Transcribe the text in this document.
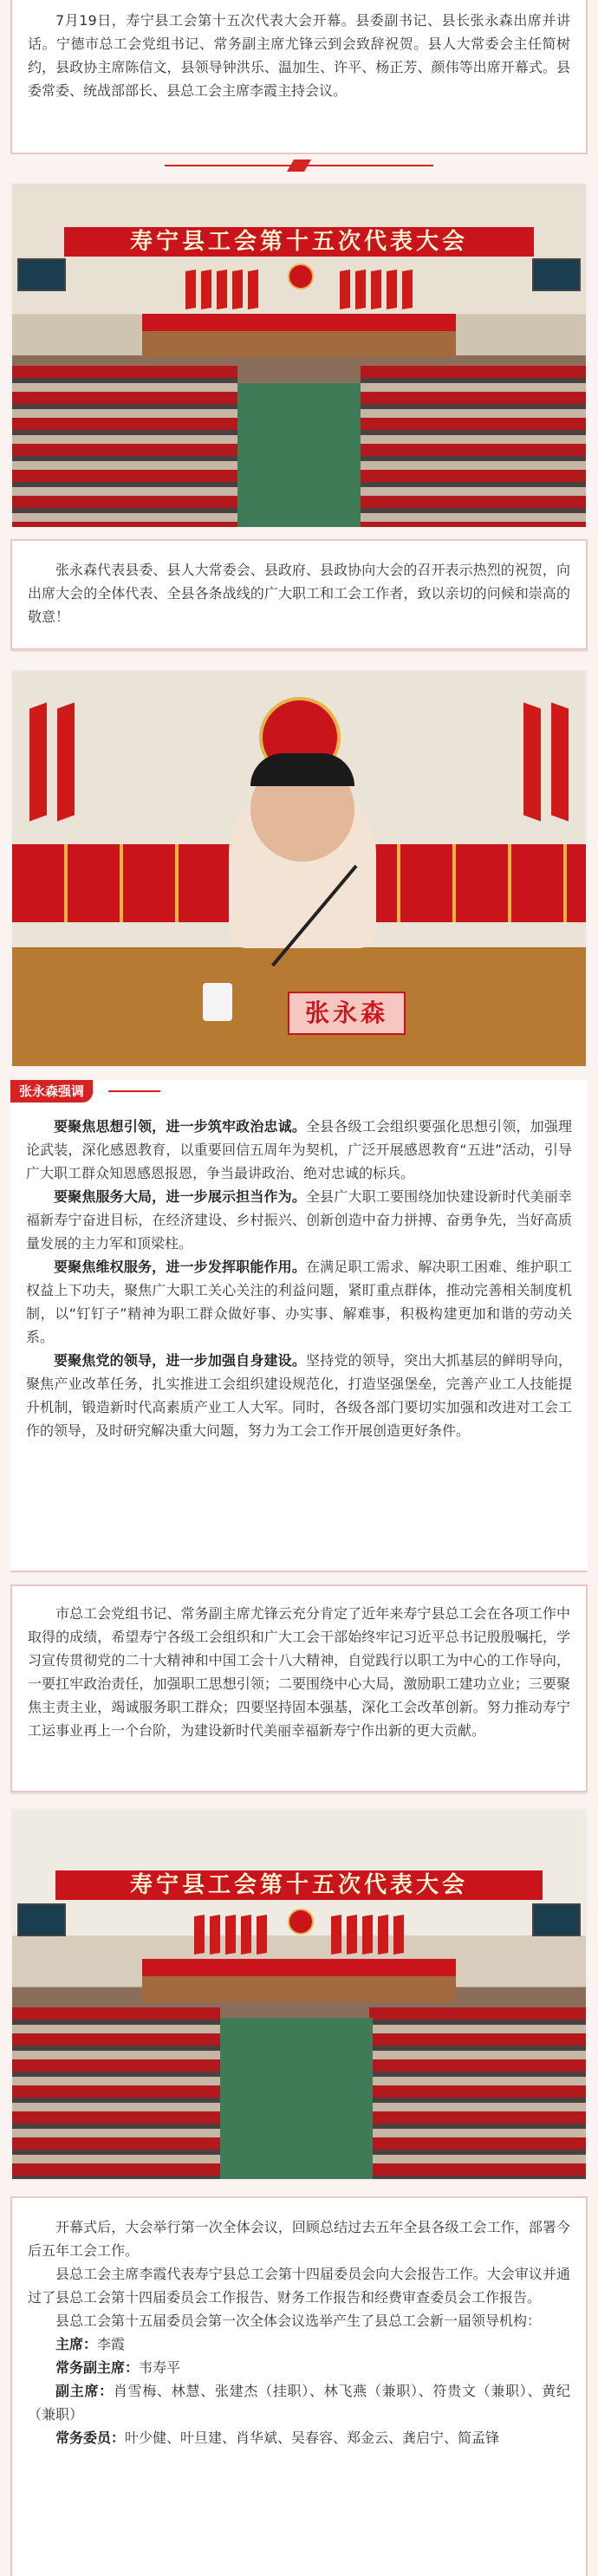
7月19日，寿宁县工会第十五次代表大会开幕。县委副书记、县长张永森出席并讲话。宁德市总工会党组书记、常务副主席尤锋云到会致辞祝贺。县人大常委会主任简树约，县政协主席陈信文，县领导钟洪乐、温加生、许平、杨正芳、颜伟等出席开幕式。县委常委、统战部部长、县总工会主席李霞主持会议。

寿宁县工会第十五次代表大会

张永森代表县委、县人大常委会、县政府、县政协向大会的召开表示热烈的祝贺，向出席大会的全体代表、全县各条战线的广大职工和工会工作者，致以亲切的问候和崇高的敬意！

张永森

要聚焦思想引领，进一步筑牢政治忠诚。全县各级工会组织要强化思想引领，加强理论武装，深化感恩教育，以重要回信五周年为契机，广泛开展感恩教育“五进”活动，引导广大职工群众知恩感恩报恩，争当最讲政治、绝对忠诚的标兵。

要聚焦服务大局，进一步展示担当作为。全县广大职工要围绕加快建设新时代美丽幸福新寿宁奋进目标，在经济建设、乡村振兴、创新创造中奋力拼搏、奋勇争先，当好高质量发展的主力军和顶梁柱。

要聚焦维权服务，进一步发挥职能作用。在满足职工需求、解决职工困难、维护职工权益上下功夫，聚焦广大职工关心关注的利益问题，紧盯重点群体，推动完善相关制度机制，以“钉钉子”精神为职工群众做好事、办实事、解难事，积极构建更加和谐的劳动关系。

要聚焦党的领导，进一步加强自身建设。坚持党的领导，突出大抓基层的鲜明导向，聚焦产业改革任务，扎实推进工会组织建设规范化，打造坚强堡垒，完善产业工人技能提升机制，锻造新时代高素质产业工人大军。同时，各级各部门要切实加强和改进对工会工作的领导，及时研究解决重大问题，努力为工会工作开展创造更好条件。

张永森强调

市总工会党组书记、常务副主席尤锋云充分肯定了近年来寿宁县总工会在各项工作中取得的成绩，希望寿宁各级工会组织和广大工会干部始终牢记习近平总书记殷殷嘱托，学习宣传贯彻党的二十大精神和中国工会十八大精神，自觉践行以职工为中心的工作导向，一要扛牢政治责任，加强职工思想引领；二要围绕中心大局，激励职工建功立业；三要聚焦主责主业，竭诚服务职工群众；四要坚持固本强基，深化工会改革创新。努力推动寿宁工运事业再上一个台阶，为建设新时代美丽幸福新寿宁作出新的更大贡献。

寿宁县工会第十五次代表大会

开幕式后，大会举行第一次全体会议，回顾总结过去五年全县各级工会工作，部署今后五年工会工作。

县总工会主席李霞代表寿宁县总工会第十四届委员会向大会报告工作。大会审议并通过了县总工会第十四届委员会工作报告、财务工作报告和经费审查委员会工作报告。

县总工会第十五届委员会第一次全体会议选举产生了县总工会新一届领导机构：

主席：李霞

常务副主席：韦寿平

副主席：肖雪梅、林慧、张建杰（挂职）、林飞燕（兼职）、符贵文（兼职）、黄纪（兼职）

常务委员：叶少健、叶旦建、肖华斌、吴春容、郑金云、龚启宁、简孟锋
